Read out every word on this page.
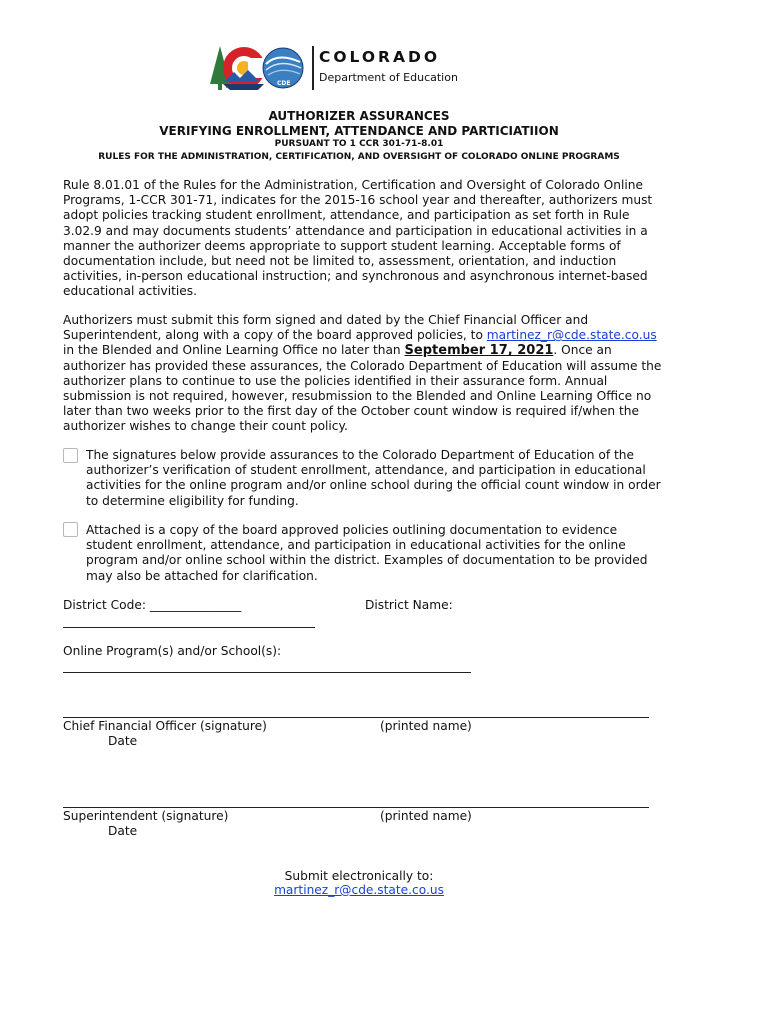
CDE
TM
COLORADO
Department of Education
AUTHORIZER ASSURANCES
VERIFYING ENROLLMENT, ATTENDANCE AND PARTICIATIION
PURSUANT TO 1 CCR 301-71-8.01
RULES FOR THE ADMINISTRATION, CERTIFICATION, AND OVERSIGHT OF COLORADO ONLINE PROGRAMS
Rule 8.01.01 of the Rules for the Administration, Certification and Oversight of Colorado Online Programs, 1-CCR 301-71, indicates for the 2015-16 school year and thereafter, authorizers must adopt policies tracking student enrollment, attendance, and participation as set forth in Rule 3.02.9 and may documents students’ attendance and participation in educational activities in a manner the authorizer deems appropriate to support student learning. Acceptable forms of documentation include, but need not be limited to, assessment, orientation, and induction activities, in-person educational instruction; and synchronous and asynchronous internet-based educational activities.
Authorizers must submit this form signed and dated by the Chief Financial Officer and Superintendent, along with a copy of the board approved policies, to martinez_r@cde.state.co.us in the Blended and Online Learning Office no later than September 17, 2021. Once an authorizer has provided these assurances, the Colorado Department of Education will assume the authorizer plans to continue to use the policies identified in their assurance form. Annual submission is not required, however, resubmission to the Blended and Online Learning Office no later than two weeks prior to the first day of the October count window is required if/when the authorizer wishes to change their count policy.
The signatures below provide assurances to the Colorado Department of Education of the authorizer’s verification of student enrollment, attendance, and participation in educational activities for the online program and/or online school during the official count window in order to determine eligibility for funding.
Attached is a copy of the board approved policies outlining documentation to evidence student enrollment, attendance, and participation in educational activities for the online program and/or online school within the district. Examples of documentation to be provided may also be attached for clarification.
District Code: _______________	District Name:
Online Program(s) and/or School(s):
Chief Financial Officer (signature)	(printed name)
Date
Superintendent (signature)	(printed name)
Date
Submit electronically to:
martinez_r@cde.state.co.us
